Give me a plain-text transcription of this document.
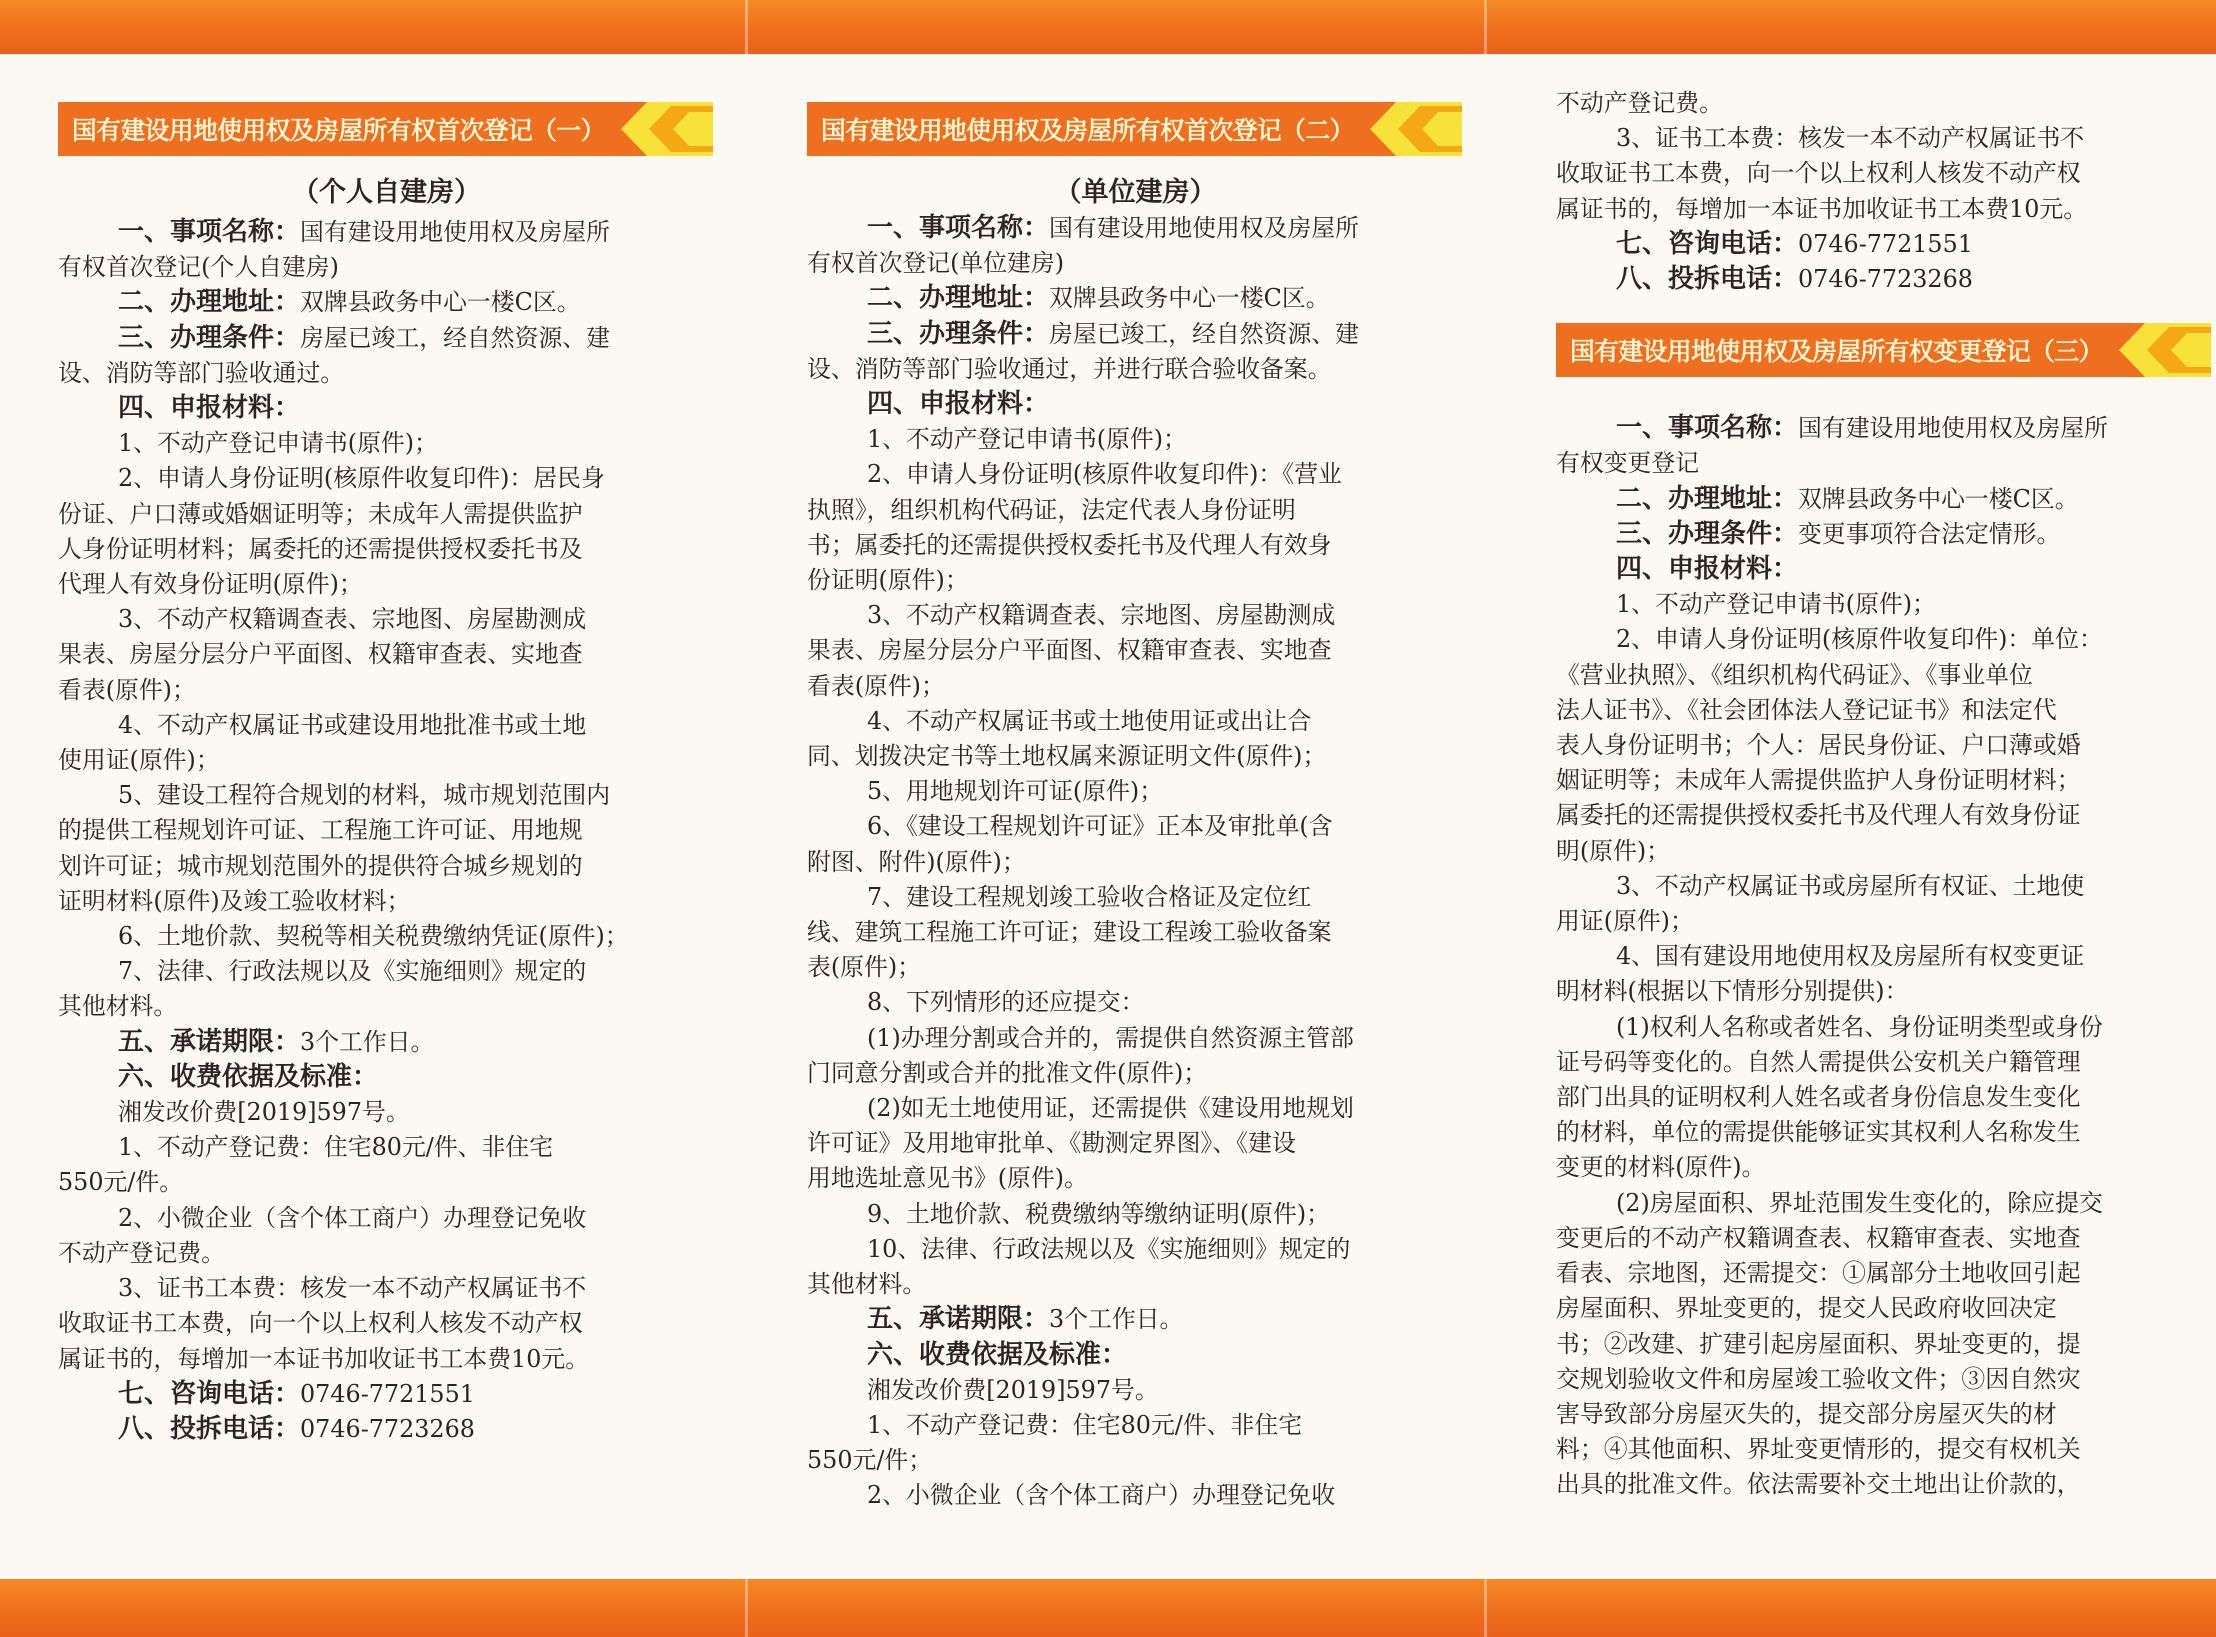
国有建设用地使用权及房屋所有权首次登记（一）
（个人自建房）

一、事项名称：国有建设用地使用权及房屋所

有权首次登记(个人自建房)

二、办理地址：双牌县政务中心一楼C区。

三、办理条件：房屋已竣工，经自然资源、建

设、消防等部门验收通过。

四、申报材料：

1、不动产登记申请书(原件)；

2、申请人身份证明(核原件收复印件)：居民身

份证、户口薄或婚姻证明等；未成年人需提供监护

人身份证明材料；属委托的还需提供授权委托书及

代理人有效身份证明(原件)；

3、不动产权籍调查表、宗地图、房屋勘测成

果表、房屋分层分户平面图、权籍审查表、实地查

看表(原件)；

4、不动产权属证书或建设用地批准书或土地

使用证(原件)；

5、建设工程符合规划的材料，城市规划范围内

的提供工程规划许可证、工程施工许可证、用地规

划许可证；城市规划范围外的提供符合城乡规划的

证明材料(原件)及竣工验收材料；

6、土地价款、契税等相关税费缴纳凭证(原件)；

7、法律、行政法规以及《实施细则》规定的

其他材料。

五、承诺期限：3个工作日。

六、收费依据及标准：

湘发改价费[2019]597号。

1、不动产登记费：住宅80元/件、非住宅

550元/件。

2、小微企业（含个体工商户）办理登记免收

不动产登记费。

3、证书工本费：核发一本不动产权属证书不

收取证书工本费，向一个以上权利人核发不动产权

属证书的，每增加一本证书加收证书工本费10元。

七、咨询电话：0746-7721551

八、投拆电话：0746-7723268

国有建设用地使用权及房屋所有权首次登记（二）
（单位建房）

一、事项名称：国有建设用地使用权及房屋所

有权首次登记(单位建房)

二、办理地址：双牌县政务中心一楼C区。

三、办理条件：房屋已竣工，经自然资源、建

设、消防等部门验收通过，并进行联合验收备案。

四、申报材料：

1、不动产登记申请书(原件)；

2、申请人身份证明(核原件收复印件)：《营业

执照》，组织机构代码证，法定代表人身份证明

书；属委托的还需提供授权委托书及代理人有效身

份证明(原件)；

3、不动产权籍调查表、宗地图、房屋勘测成

果表、房屋分层分户平面图、权籍审查表、实地查

看表(原件)；

4、不动产权属证书或土地使用证或出让合

同、划拨决定书等土地权属来源证明文件(原件)；

5、用地规划许可证(原件)；

6、《建设工程规划许可证》正本及审批单(含

附图、附件)(原件)；

7、建设工程规划竣工验收合格证及定位红

线、建筑工程施工许可证；建设工程竣工验收备案

表(原件)；

8、下列情形的还应提交：

(1)办理分割或合并的，需提供自然资源主管部

门同意分割或合并的批准文件(原件)；

(2)如无土地使用证，还需提供《建设用地规划

许可证》及用地审批单、《勘测定界图》、《建设

用地选址意见书》(原件)。

9、土地价款、税费缴纳等缴纳证明(原件)；

10、法律、行政法规以及《实施细则》规定的

其他材料。

五、承诺期限：3个工作日。

六、收费依据及标准：

湘发改价费[2019]597号。

1、不动产登记费：住宅80元/件、非住宅

550元/件；

2、小微企业（含个体工商户）办理登记免收

不动产登记费。

3、证书工本费：核发一本不动产权属证书不

收取证书工本费，向一个以上权利人核发不动产权

属证书的，每增加一本证书加收证书工本费10元。

七、咨询电话：0746-7721551

八、投拆电话：0746-7723268

国有建设用地使用权及房屋所有权变更登记（三）

一、事项名称：国有建设用地使用权及房屋所

有权变更登记

二、办理地址：双牌县政务中心一楼C区。

三、办理条件：变更事项符合法定情形。

四、申报材料：

1、不动产登记申请书(原件)；

2、申请人身份证明(核原件收复印件)：单位：

《营业执照》、《组织机构代码证》、《事业单位

法人证书》、《社会团体法人登记证书》和法定代

表人身份证明书；个人：居民身份证、户口薄或婚

姻证明等；未成年人需提供监护人身份证明材料；

属委托的还需提供授权委托书及代理人有效身份证

明(原件)；

3、不动产权属证书或房屋所有权证、土地使

用证(原件)；

4、国有建设用地使用权及房屋所有权变更证

明材料(根据以下情形分别提供)：

(1)权利人名称或者姓名、身份证明类型或身份

证号码等变化的。自然人需提供公安机关户籍管理

部门出具的证明权利人姓名或者身份信息发生变化

的材料，单位的需提供能够证实其权利人名称发生

变更的材料(原件)。

(2)房屋面积、界址范围发生变化的，除应提交

变更后的不动产权籍调查表、权籍审查表、实地查

看表、宗地图，还需提交：①属部分土地收回引起

房屋面积、界址变更的，提交人民政府收回决定

书；②改建、扩建引起房屋面积、界址变更的，提

交规划验收文件和房屋竣工验收文件；③因自然灾

害导致部分房屋灭失的，提交部分房屋灭失的材

料；④其他面积、界址变更情形的，提交有权机关

出具的批准文件。依法需要补交土地出让价款的，
